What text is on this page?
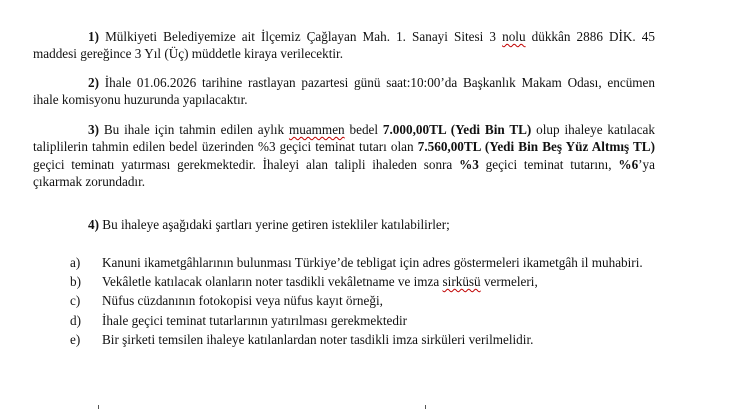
1) Mülkiyeti Belediyemize ait İlçemiz Çağlayan Mah. 1. Sanayi Sitesi 3 nolu dükkân 2886 DİK. 45 maddesi gereğince 3 Yıl (Üç) müddetle kiraya verilecektir.

2) İhale 01.06.2026 tarihine rastlayan pazartesi günü saat:10:00’da Başkanlık Makam Odası, encümen ihale komisyonu huzurunda yapılacaktır.

3) Bu ihale için tahmin edilen aylık muammen bedel 7.000,00TL (Yedi Bin TL) olup ihaleye katılacak taliplilerin tahmin edilen bedel üzerinden %3 geçici teminat tutarı olan 7.560,00TL (Yedi Bin Beş Yüz Altmış TL) geçici teminatı yatırması gerekmektedir. İhaleyi alan talipli ihaleden sonra %3 geçici teminat tutarını, %6’ya çıkarmak zorundadır.

4) Bu ihaleye aşağıdaki şartları yerine getiren istekliler katılabilirler;

a) Kanuni ikametgâhlarının bulunması Türkiye’de tebligat için adres göstermeleri ikametgâh il muhabiri.
b) Vekâletle katılacak olanların noter tasdikli vekâletname ve imza sirküsü vermeleri,
c) Nüfus cüzdanının fotokopisi veya nüfus kayıt örneği,
d) İhale geçici teminat tutarlarının yatırılması gerekmektedir
e) Bir şirketi temsilen ihaleye katılanlardan noter tasdikli imza sirküleri verilmelidir.
